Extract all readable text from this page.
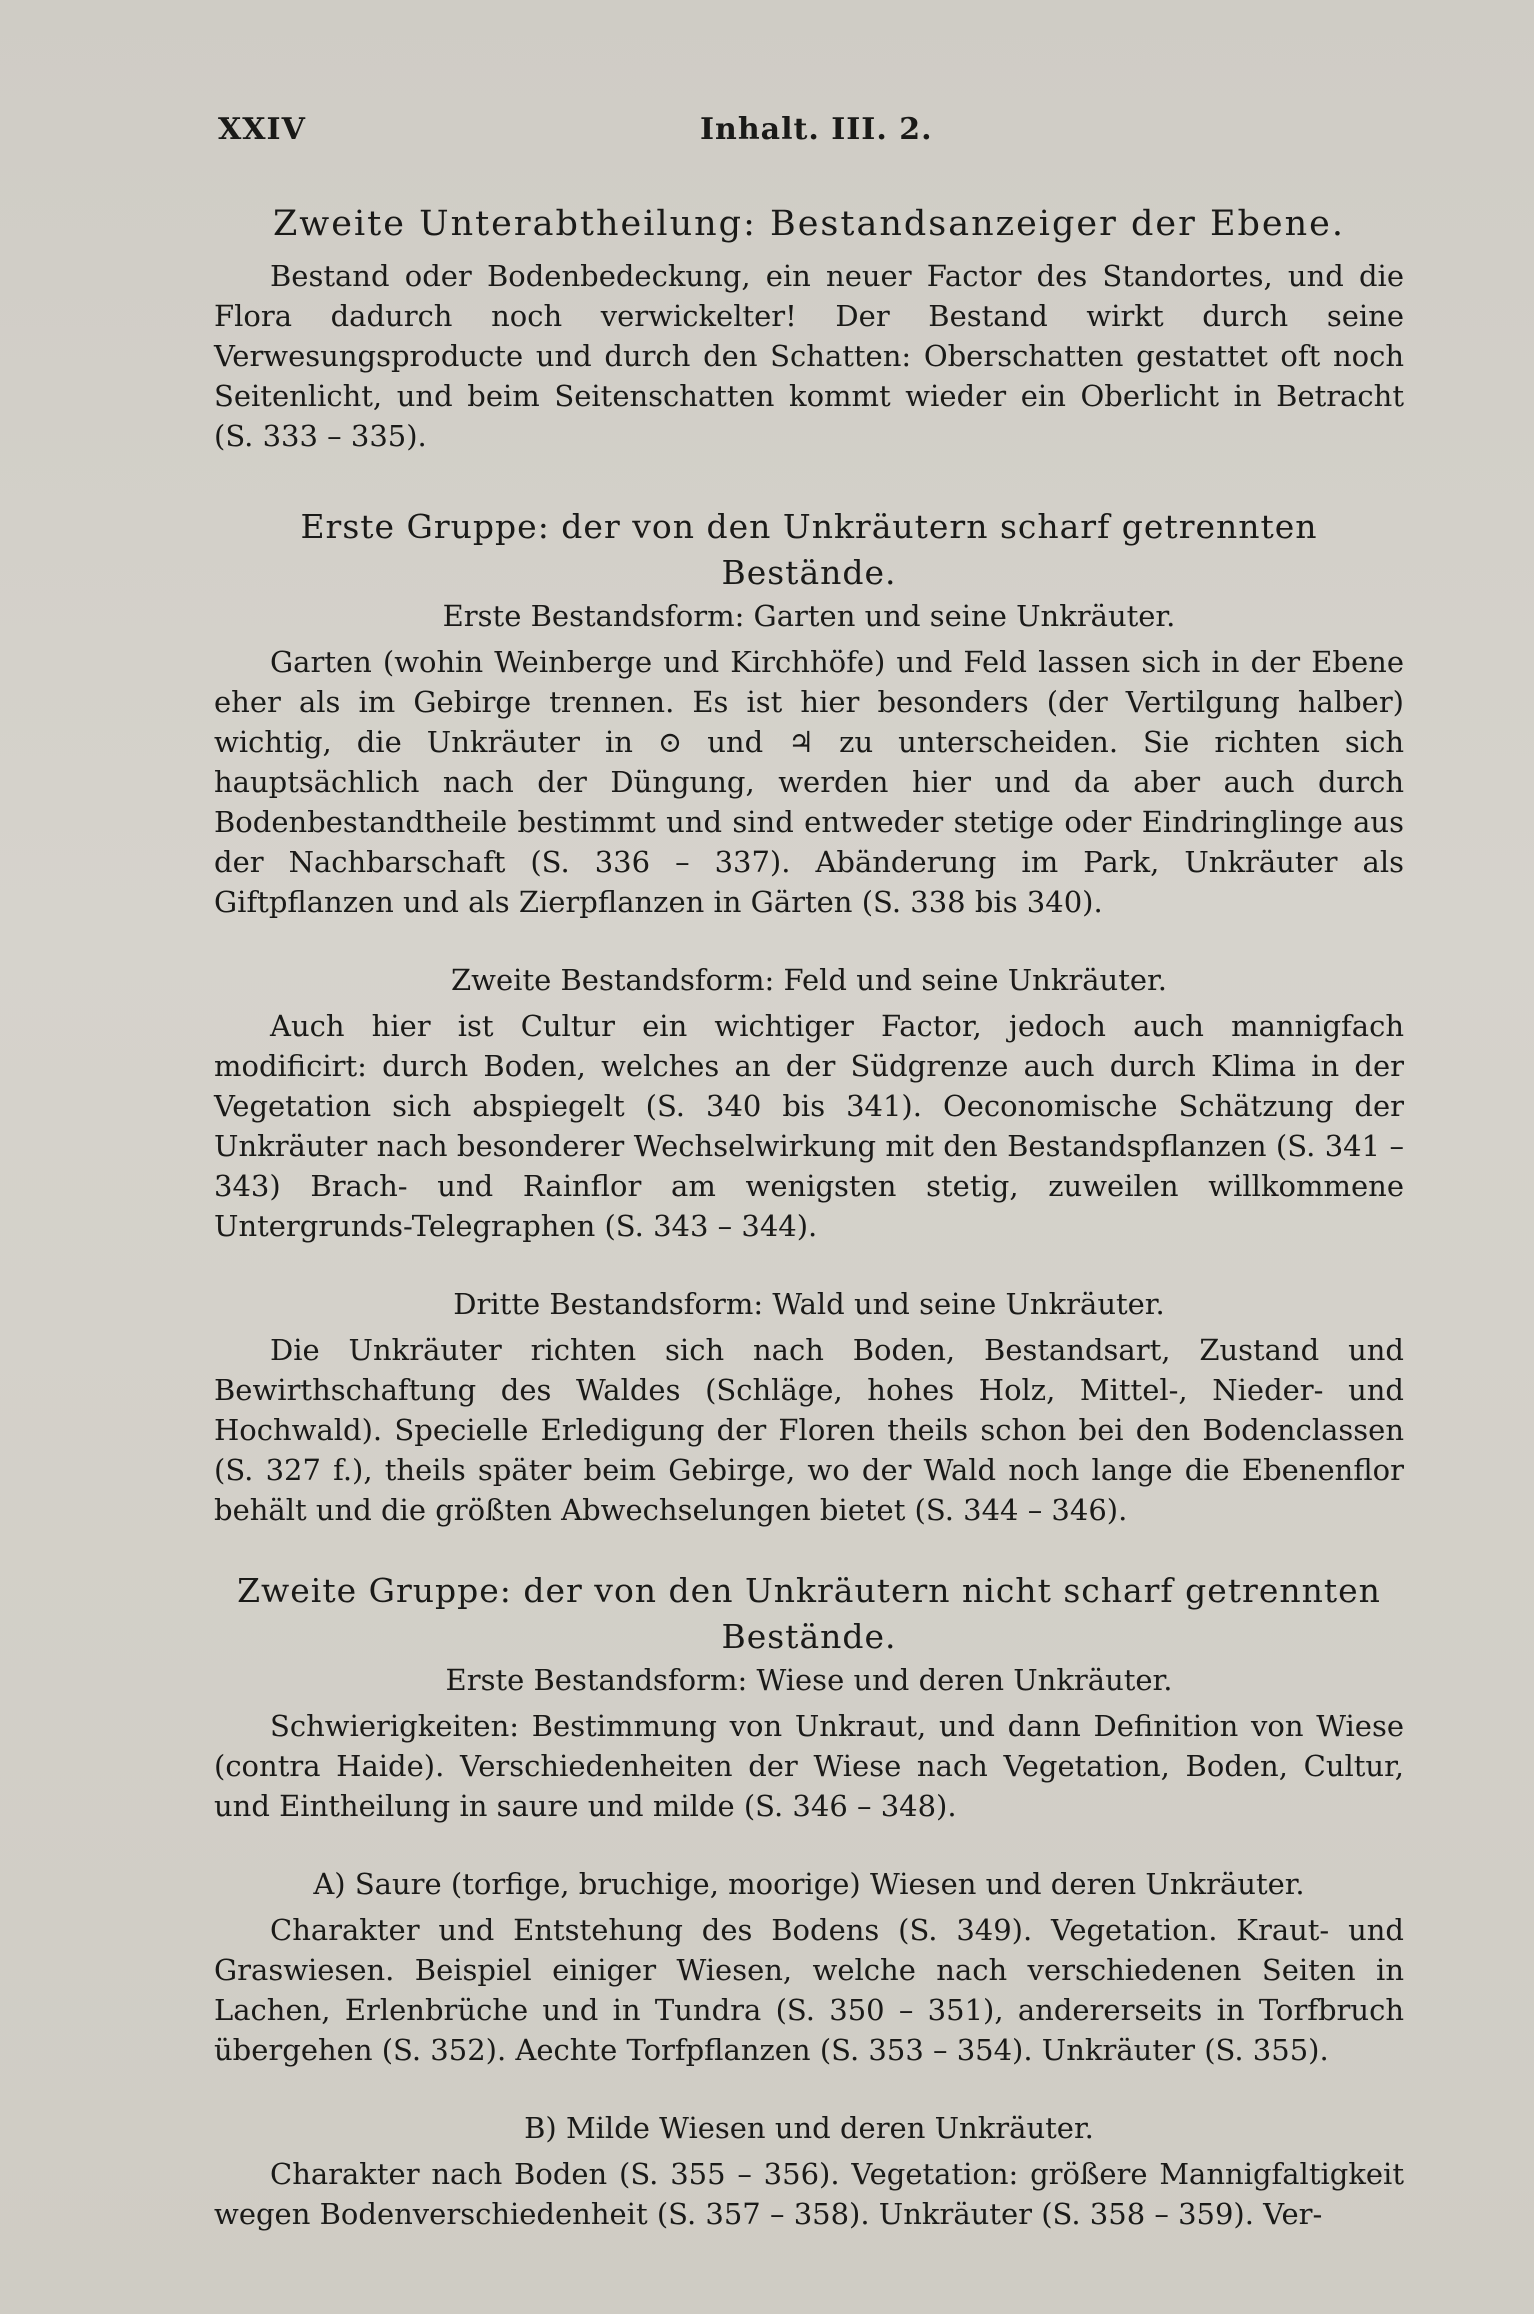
XXIV	Inhalt. III. 2.
Zweite Unterabtheilung: Bestandsanzeiger der Ebene.

Bestand oder Bodenbedeckung, ein neuer Factor des Standortes, und die Flora dadurch noch verwickelter! Der Bestand wirkt durch seine Verwesungsproducte und durch den Schatten: Oberschatten gestattet oft noch Seitenlicht, und beim Seitenschatten kommt wieder ein Oberlicht in Betracht (S. 333 – 335).

Erste Gruppe: der von den Unkräutern scharf getrennten Bestände.
Erste Bestandsform: Garten und seine Unkräuter.

Garten (wohin Weinberge und Kirchhöfe) und Feld lassen sich in der Ebene eher als im Gebirge trennen. Es ist hier besonders (der Vertilgung halber) wichtig, die Unkräuter in ⊙ und ♃ zu unterscheiden. Sie richten sich hauptsächlich nach der Düngung, werden hier und da aber auch durch Bodenbestandtheile bestimmt und sind entweder stetige oder Eindringlinge aus der Nachbarschaft (S. 336 – 337). Abänderung im Park, Unkräuter als Giftpflanzen und als Zierpflanzen in Gärten (S. 338 bis 340).

Zweite Bestandsform: Feld und seine Unkräuter.

Auch hier ist Cultur ein wichtiger Factor, jedoch auch mannigfach modificirt: durch Boden, welches an der Südgrenze auch durch Klima in der Vegetation sich abspiegelt (S. 340 bis 341). Oeconomische Schätzung der Unkräuter nach besonderer Wechselwirkung mit den Bestandspflanzen (S. 341 – 343) Brach- und Rainflor am wenigsten stetig, zuweilen willkommene Untergrunds-Telegraphen (S. 343 – 344).

Dritte Bestandsform: Wald und seine Unkräuter.

Die Unkräuter richten sich nach Boden, Bestandsart, Zustand und Bewirthschaftung des Waldes (Schläge, hohes Holz, Mittel-, Nieder- und Hochwald). Specielle Erledigung der Floren theils schon bei den Bodenclassen (S. 327 f.), theils später beim Gebirge, wo der Wald noch lange die Ebenenflor behält und die größten Abwechselungen bietet (S. 344 – 346).

Zweite Gruppe: der von den Unkräutern nicht scharf getrennten Bestände.
Erste Bestandsform: Wiese und deren Unkräuter.

Schwierigkeiten: Bestimmung von Unkraut, und dann Definition von Wiese (contra Haide). Verschiedenheiten der Wiese nach Vegetation, Boden, Cultur, und Eintheilung in saure und milde (S. 346 – 348).

A) Saure (torfige, bruchige, moorige) Wiesen und deren Unkräuter.

Charakter und Entstehung des Bodens (S. 349). Vegetation. Kraut- und Graswiesen. Beispiel einiger Wiesen, welche nach verschiedenen Seiten in Lachen, Erlenbrüche und in Tundra (S. 350 – 351), andererseits in Torfbruch übergehen (S. 352). Aechte Torfpflanzen (S. 353 – 354). Unkräuter (S. 355).

B) Milde Wiesen und deren Unkräuter.

Charakter nach Boden (S. 355 – 356). Vegetation: größere Mannigfaltigkeit wegen Bodenverschiedenheit (S. 357 – 358). Unkräuter (S. 358 – 359). Ver-
